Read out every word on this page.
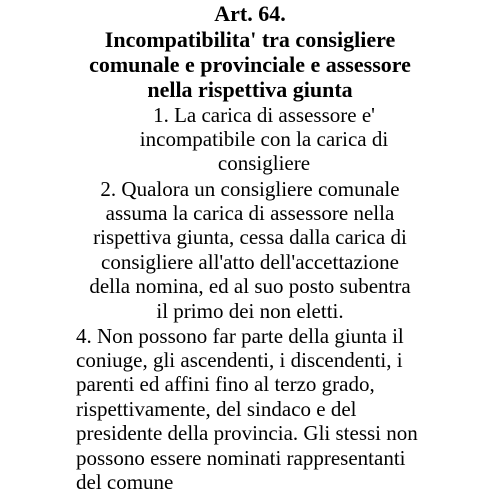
Art. 64.
Incompatibilita' tra consigliere
comunale e provinciale e assessore
nella rispettiva giunta

1. La carica di assessore e'

incompatibile con la carica di

consigliere

2. Qualora un consigliere comunale

assuma la carica di assessore nella

rispettiva giunta, cessa dalla carica di

consigliere all'atto dell'accettazione

della nomina, ed al suo posto subentra

il primo dei non eletti.

4. Non possono far parte della giunta il

coniuge, gli ascendenti, i discendenti, i

parenti ed affini fino al terzo grado,

rispettivamente, del sindaco e del

presidente della provincia. Gli stessi non

possono essere nominati rappresentanti

del comune
